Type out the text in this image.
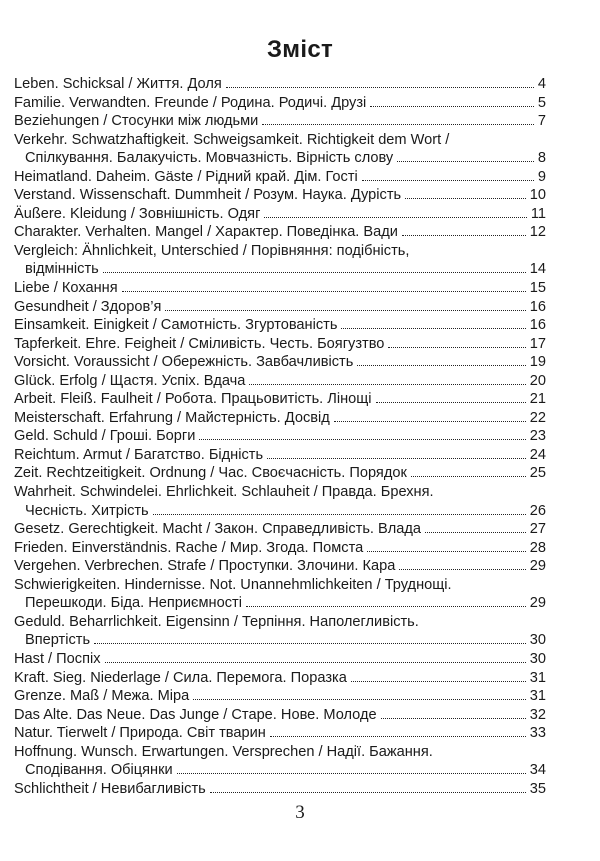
Зміст
Leben. Schicksal / Життя. Доля	4
Familie. Verwandten. Freunde / Родина. Родичі. Друзі	5
Beziehungen / Стосунки між людьми	7
Verkehr. Schwatzhaftigkeit. Schweigsamkeit. Richtigkeit dem Wort /
Спілкування. Балакучість. Мовчазність. Вірність слову	8
Heimatland. Daheim. Gäste / Рідний край. Дім. Гості	9
Verstand. Wissenschaft. Dummheit / Розум. Наука. Дурість	10
Äußere. Kleidung / Зовнішність. Одяг	11
Charakter. Verhalten. Mangel / Характер. Поведінка. Вади	12
Vergleich: Ähnlichkeit, Unterschied / Порівняння: подібність,
відмінність	14
Liebe / Кохання	15
Gesundheit / Здоров’я	16
Einsamkeit. Einigkeit / Самотність. Згуртованість	16
Tapferkeit. Ehre. Feigheit / Сміливість. Честь. Боягузтво	17
Vorsicht. Voraussicht / Обережність. Завбачливість	19
Glück. Erfolg / Щастя. Успіх. Вдача	20
Arbeit. Fleiß. Faulheit / Робота. Працьовитість. Лінощі	21
Meisterschaft. Erfahrung / Майстерність. Досвід	22
Geld. Schuld / Гроші. Борги	23
Reichtum. Armut / Багатство. Бідність	24
Zeit. Rechtzeitigkeit. Ordnung / Час. Своєчасність. Порядок	25
Wahrheit. Schwindelei. Ehrlichkeit. Schlauheit / Правда. Брехня.
Чесність. Хитрість	26
Gesetz. Gerechtigkeit. Macht / Закон. Справедливість. Влада	27
Frieden. Einverständnis. Rache / Мир. Згода. Помста	28
Vergehen. Verbrechen. Strafe / Проступки. Злочини. Кара	29
Schwierigkeiten. Hindernisse. Not. Unannehmlichkeiten / Труднощі.
Перешкоди. Біда. Неприємності	29
Geduld. Beharrlichkeit. Eigensinn / Терпіння. Наполегливість.
Впертість	30
Hast / Поспіх	30
Kraft. Sieg. Niederlage / Сила. Перемога. Поразка	31
Grenze. Maß / Межа. Міра	31
Das Alte. Das Neue. Das Junge / Старе. Нове. Молоде	32
Natur. Tierwelt / Природа. Світ тварин	33
Hoffnung. Wunsch. Erwartungen. Versprechen / Надії. Бажання.
Сподівання. Обіцянки	34
Schlichtheit / Невибагливість	35
3
